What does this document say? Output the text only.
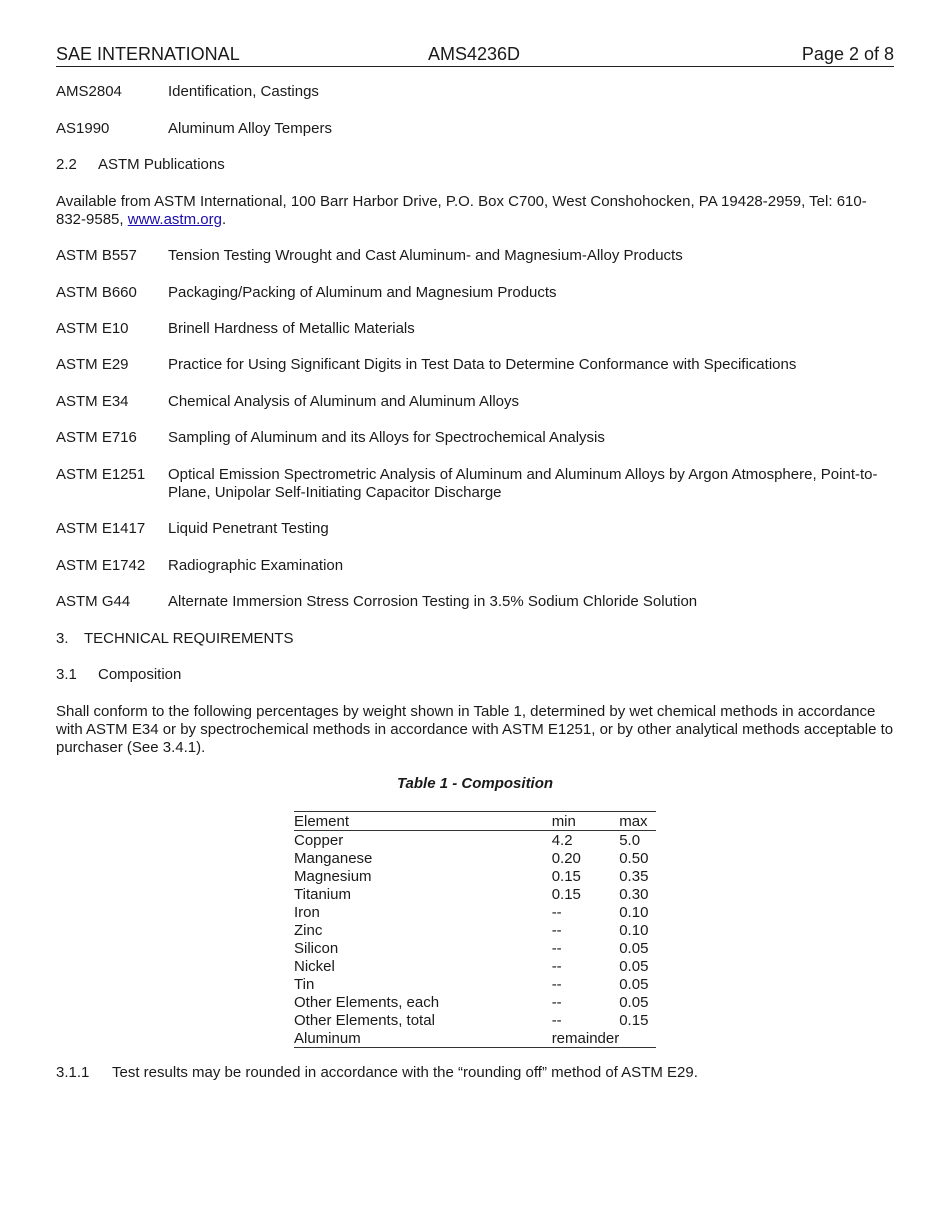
SAE INTERNATIONAL	AMS4236D	Page 2 of 8
AMS2804	Identification, Castings
AS1990	Aluminum Alloy Tempers
2.2 ASTM Publications
Available from ASTM International, 100 Barr Harbor Drive, P.O. Box C700, West Conshohocken, PA 19428-2959, Tel: 610-832-9585, www.astm.org.
ASTM B557 Tension Testing Wrought and Cast Aluminum- and Magnesium-Alloy Products
ASTM B660 Packaging/Packing of Aluminum and Magnesium Products
ASTM E10	Brinell Hardness of Metallic Materials
ASTM E29	Practice for Using Significant Digits in Test Data to Determine Conformance with Specifications
ASTM E34	Chemical Analysis of Aluminum and Aluminum Alloys
ASTM E716 Sampling of Aluminum and its Alloys for Spectrochemical Analysis
ASTM E1251 Optical Emission Spectrometric Analysis of Aluminum and Aluminum Alloys by Argon Atmosphere, Point-to-Plane, Unipolar Self-Initiating Capacitor Discharge
ASTM E1417 Liquid Penetrant Testing
ASTM E1742 Radiographic Examination
ASTM G44	Alternate Immersion Stress Corrosion Testing in 3.5% Sodium Chloride Solution
3. TECHNICAL REQUIREMENTS
3.1 Composition
Shall conform to the following percentages by weight shown in Table 1, determined by wet chemical methods in accordance with ASTM E34 or by spectrochemical methods in accordance with ASTM E1251, or by other analytical methods acceptable to purchaser (See 3.4.1).
Table 1 - Composition
Element	min	max
Copper	4.2	5.0
Manganese	0.20	0.50
Magnesium	0.15	0.35
Titanium	0.15	0.30
Iron	--	0.10
Zinc	--	0.10
Silicon	--	0.05
Nickel	--	0.05
Tin	--	0.05
Other Elements, each	--	0.05
Other Elements, total	--	0.15
Aluminum	remainder	
3.1.1 Test results may be rounded in accordance with the “rounding off” method of ASTM E29.
